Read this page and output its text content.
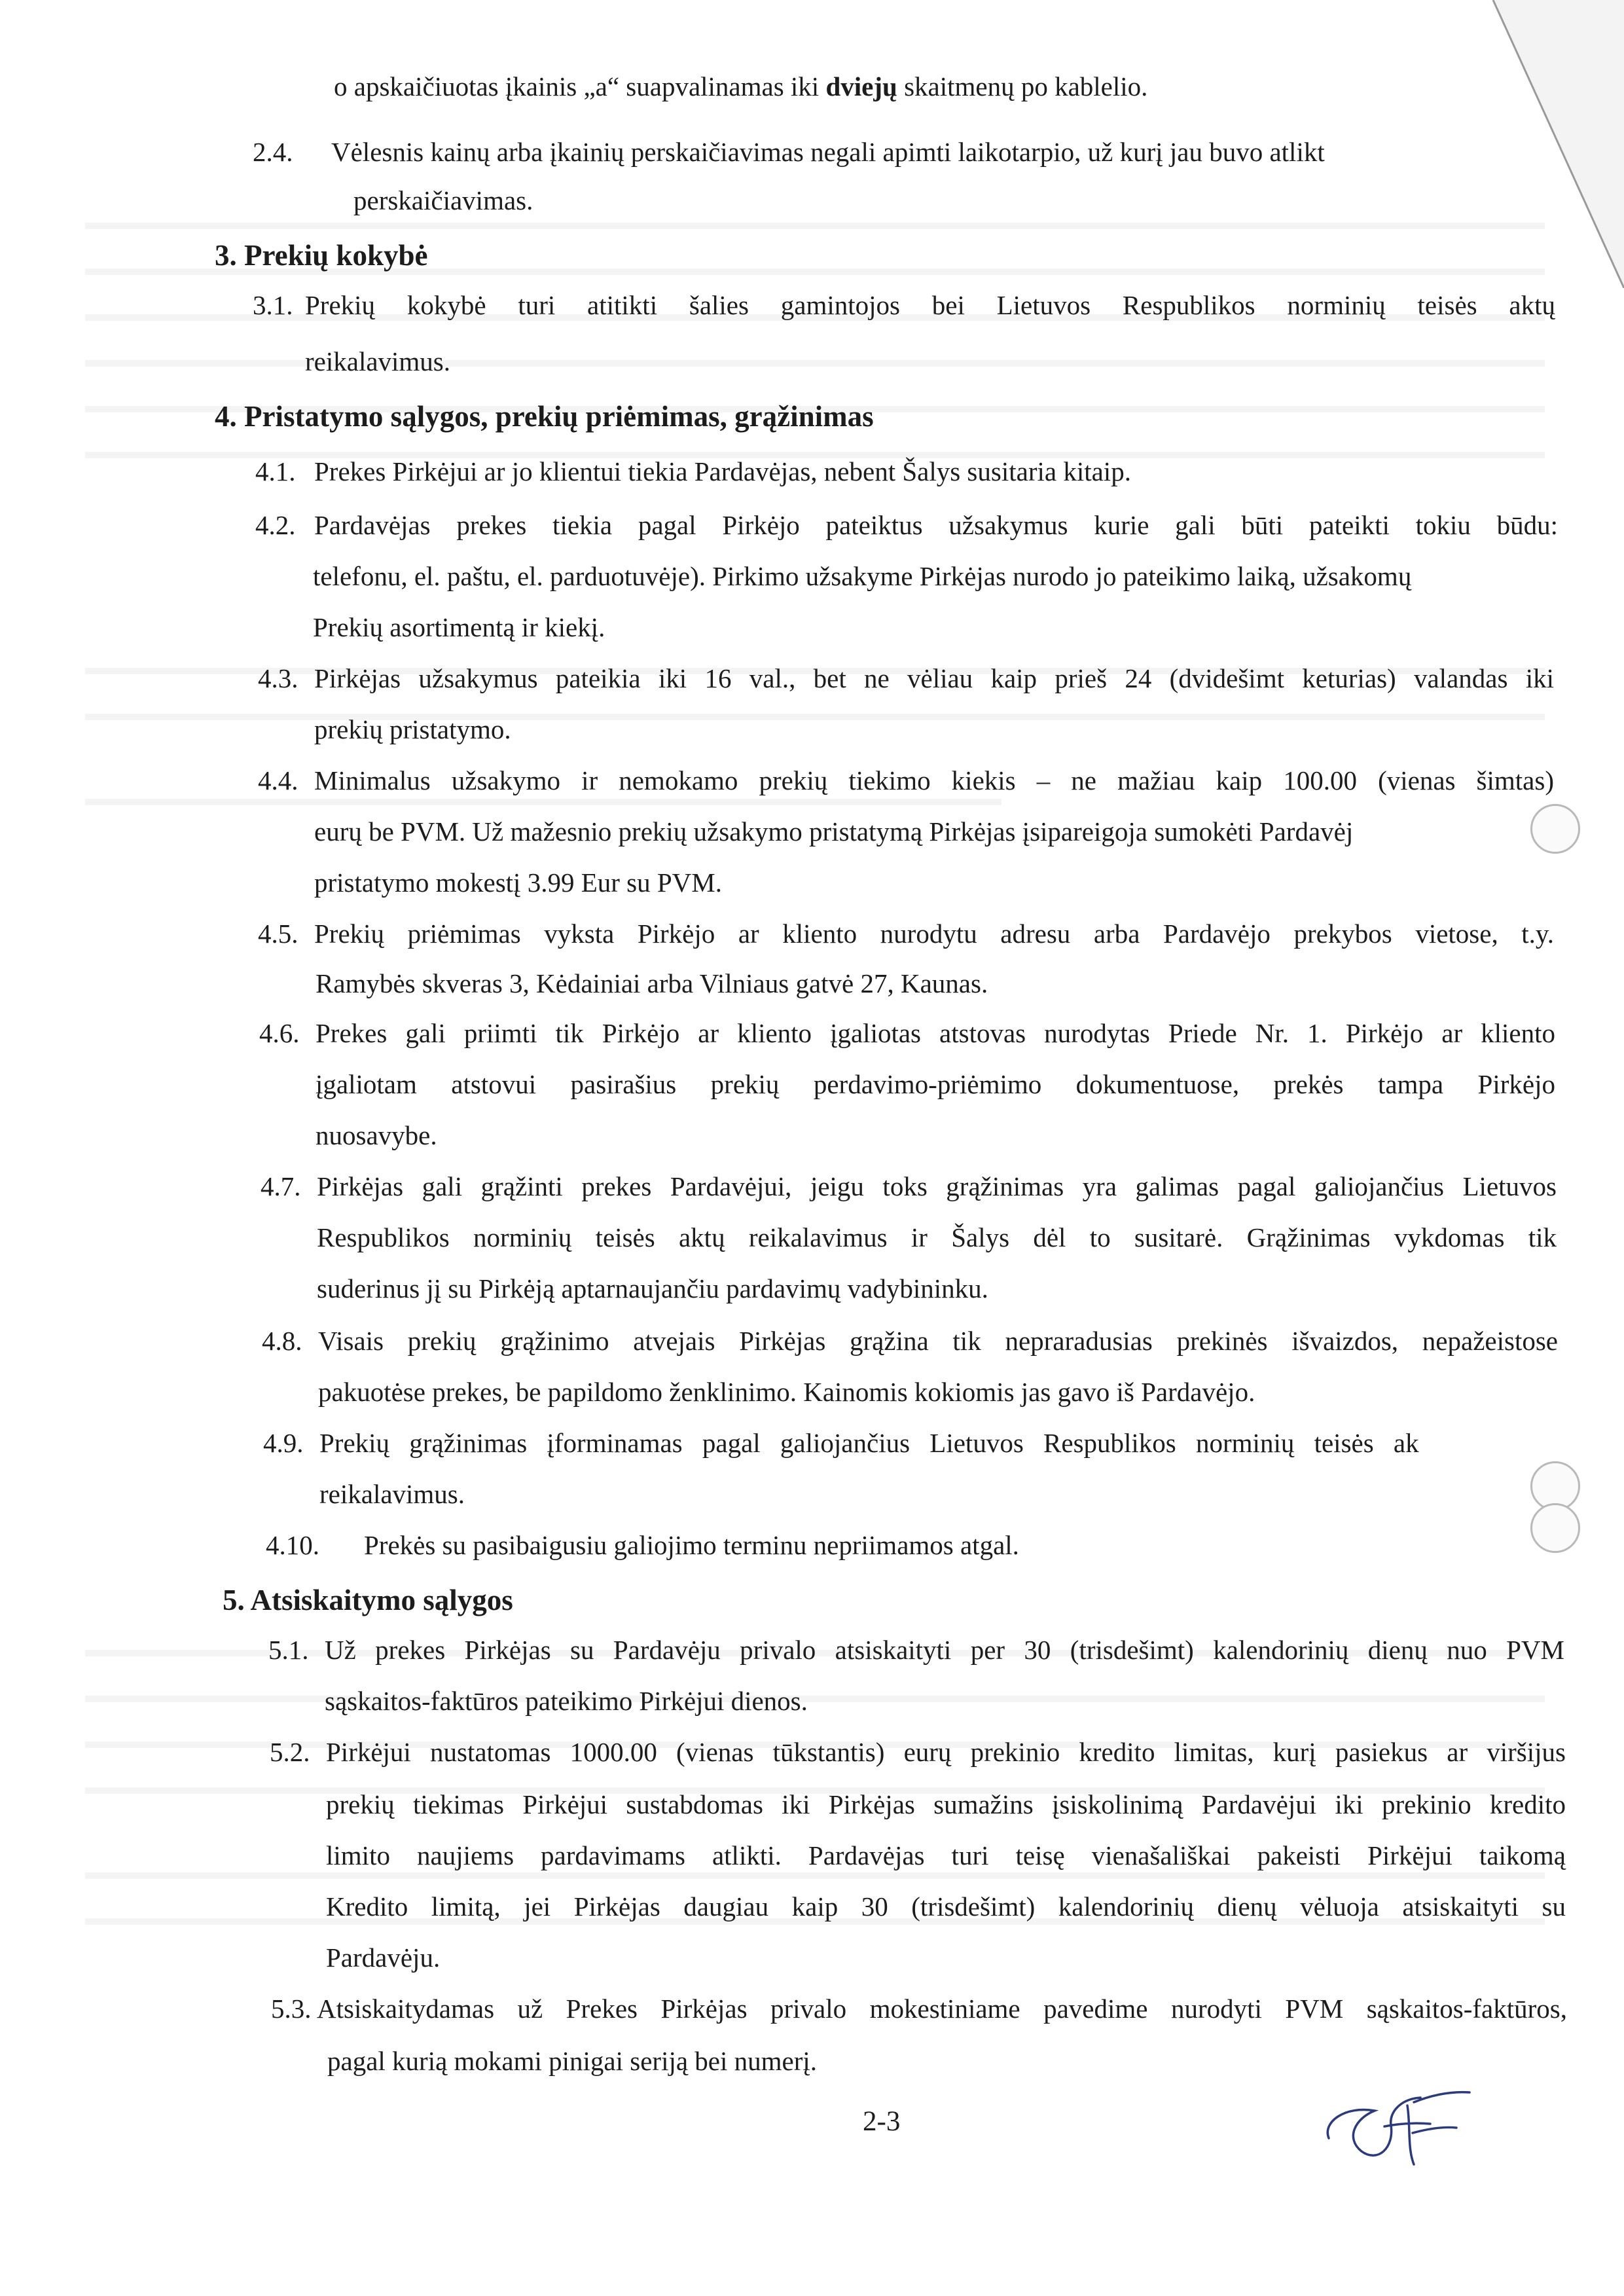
o apskaičiuotas įkainis „a“ suapvalinamas iki dviejų skaitmenų po kablelio.
2.4. Vėlesnis kainų arba įkainių perskaičiavimas negali apimti laikotarpio, už kurį jau buvo atlikt
perskaičiavimas.
3. Prekių kokybė
3.1. Prekių kokybė turi atitikti šalies gamintojos bei Lietuvos Respublikos norminių teisės aktų
reikalavimus.
4. Pristatymo sąlygos, prekių priėmimas, grąžinimas
4.1. Prekes Pirkėjui ar jo klientui tiekia Pardavėjas, nebent Šalys susitaria kitaip.
4.2. Pardavėjas prekes tiekia pagal Pirkėjo pateiktus užsakymus kurie gali būti pateikti tokiu būdu:
telefonu, el. paštu, el. parduotuvėje). Pirkimo užsakyme Pirkėjas nurodo jo pateikimo laiką, užsakomų
Prekių asortimentą ir kiekį.
4.3. Pirkėjas užsakymus pateikia iki 16 val., bet ne vėliau kaip prieš 24 (dvidešimt keturias) valandas iki
prekių pristatymo.
4.4. Minimalus užsakymo ir nemokamo prekių tiekimo kiekis – ne mažiau kaip 100.00 (vienas šimtas)
eurų be PVM. Už mažesnio prekių užsakymo pristatymą Pirkėjas įsipareigoja sumokėti Pardavėj
pristatymo mokestį 3.99 Eur su PVM.
4.5. Prekių priėmimas vyksta Pirkėjo ar kliento nurodytu adresu arba Pardavėjo prekybos vietose, t.y.
Ramybės skveras 3, Kėdainiai arba Vilniaus gatvė 27, Kaunas.
4.6. Prekes gali priimti tik Pirkėjo ar kliento įgaliotas atstovas nurodytas Priede Nr. 1. Pirkėjo ar kliento
įgaliotam atstovui pasirašius prekių perdavimo-priėmimo dokumentuose, prekės tampa Pirkėjo
nuosavybe.
4.7. Pirkėjas gali grąžinti prekes Pardavėjui, jeigu toks grąžinimas yra galimas pagal galiojančius Lietuvos
Respublikos norminių teisės aktų reikalavimus ir Šalys dėl to susitarė. Grąžinimas vykdomas tik
suderinus jį su Pirkėją aptarnaujančiu pardavimų vadybininku.
4.8. Visais prekių grąžinimo atvejais Pirkėjas grąžina tik nepraradusias prekinės išvaizdos, nepažeistose
pakuotėse prekes, be papildomo ženklinimo. Kainomis kokiomis jas gavo iš Pardavėjo.
4.9. Prekių grąžinimas įforminamas pagal galiojančius Lietuvos Respublikos norminių teisės ak
reikalavimus.
4.10. Prekės su pasibaigusiu galiojimo terminu nepriimamos atgal.
5. Atsiskaitymo sąlygos
5.1. Už prekes Pirkėjas su Pardavėju privalo atsiskaityti per 30 (trisdešimt) kalendorinių dienų nuo PVM
sąskaitos-faktūros pateikimo Pirkėjui dienos.
5.2. Pirkėjui nustatomas 1000.00 (vienas tūkstantis) eurų prekinio kredito limitas, kurį pasiekus ar viršijus
prekių tiekimas Pirkėjui sustabdomas iki Pirkėjas sumažins įsiskolinimą Pardavėjui iki prekinio kredito
limito naujiems pardavimams atlikti. Pardavėjas turi teisę vienašališkai pakeisti Pirkėjui taikomą
Kredito limitą, jei Pirkėjas daugiau kaip 30 (trisdešimt) kalendorinių dienų vėluoja atsiskaityti su
Pardavėju.
5.3. Atsiskaitydamas už Prekes Pirkėjas privalo mokestiniame pavedime nurodyti PVM sąskaitos-faktūros,
pagal kurią mokami pinigai seriją bei numerį.
2-3
